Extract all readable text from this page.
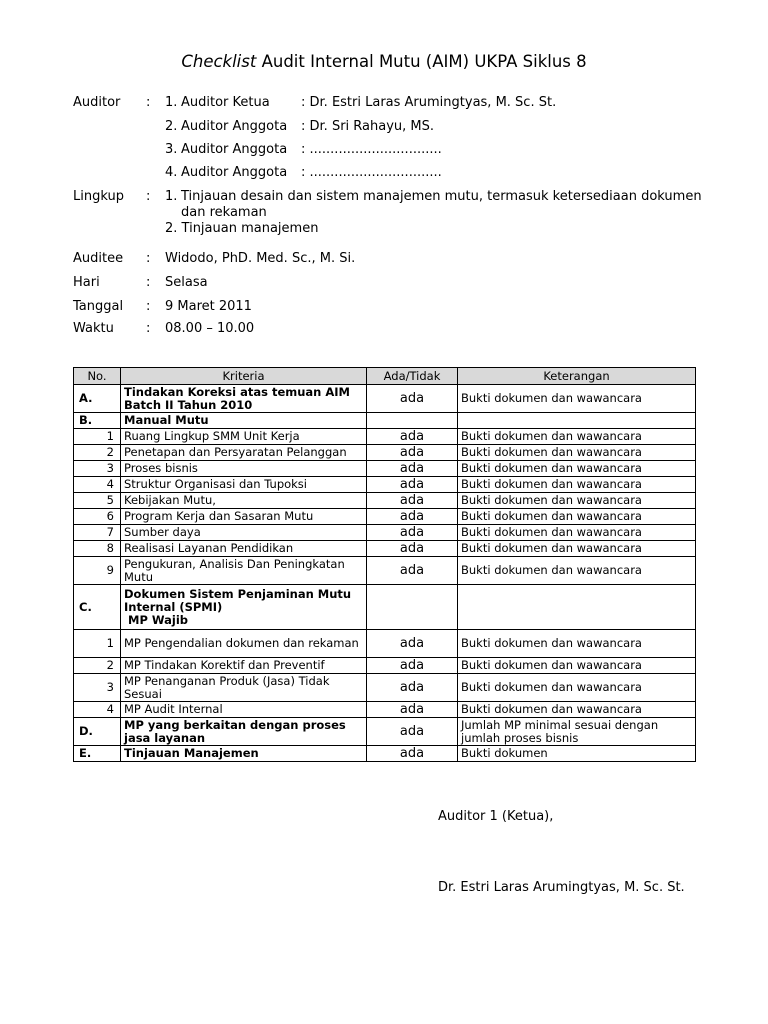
Checklist Audit Internal Mutu (AIM) UKPA Siklus 8
Auditor : 1. Auditor Ketua : Dr. Estri Laras Arumingtyas, M. Sc. St.
2. Auditor Anggota : Dr. Sri Rahayu, MS.
3. Auditor Anggota : ................................
4. Auditor Anggota : ................................
Lingkup : 1. Tinjauan desain dan sistem manajemen mutu, termasuk ketersediaan dokumen
dan rekaman
2. Tinjauan manajemen
Auditee : Widodo, PhD. Med. Sc., M. Si.
Hari	: Selasa
Tanggal : 9 Maret 2011
Waktu : 08.00 – 10.00
No.	Kriteria	Ada/Tidak	Keterangan
A.	Tindakan Koreksi atas temuan AIM Batch II Tahun 2010	ada	Bukti dokumen dan wawancara
B.	Manual Mutu		
1	Ruang Lingkup SMM Unit Kerja	ada	Bukti dokumen dan wawancara
2	Penetapan dan Persyaratan Pelanggan	ada	Bukti dokumen dan wawancara
3	Proses bisnis	ada	Bukti dokumen dan wawancara
4	Struktur Organisasi dan Tupoksi	ada	Bukti dokumen dan wawancara
5	Kebijakan Mutu,	ada	Bukti dokumen dan wawancara
6	Program Kerja dan Sasaran Mutu	ada	Bukti dokumen dan wawancara
7	Sumber daya	ada	Bukti dokumen dan wawancara
8	Realisasi Layanan Pendidikan	ada	Bukti dokumen dan wawancara
9	Pengukuran, Analisis Dan Peningkatan Mutu	ada	Bukti dokumen dan wawancara
C.	Dokumen Sistem Penjaminan Mutu Internal (SPMI)
MP Wajib		
1	MP Pengendalian dokumen dan rekaman	ada	Bukti dokumen dan wawancara
2	MP Tindakan Korektif dan Preventif	ada	Bukti dokumen dan wawancara
3	MP Penanganan Produk (Jasa) Tidak Sesuai	ada	Bukti dokumen dan wawancara
4	MP Audit Internal	ada	Bukti dokumen dan wawancara
D.	MP yang berkaitan dengan proses jasa layanan	ada	Jumlah MP minimal sesuai dengan jumlah proses bisnis
E.	Tinjauan Manajemen	ada	Bukti dokumen
Auditor 1 (Ketua),
Dr. Estri Laras Arumingtyas, M. Sc. St.
